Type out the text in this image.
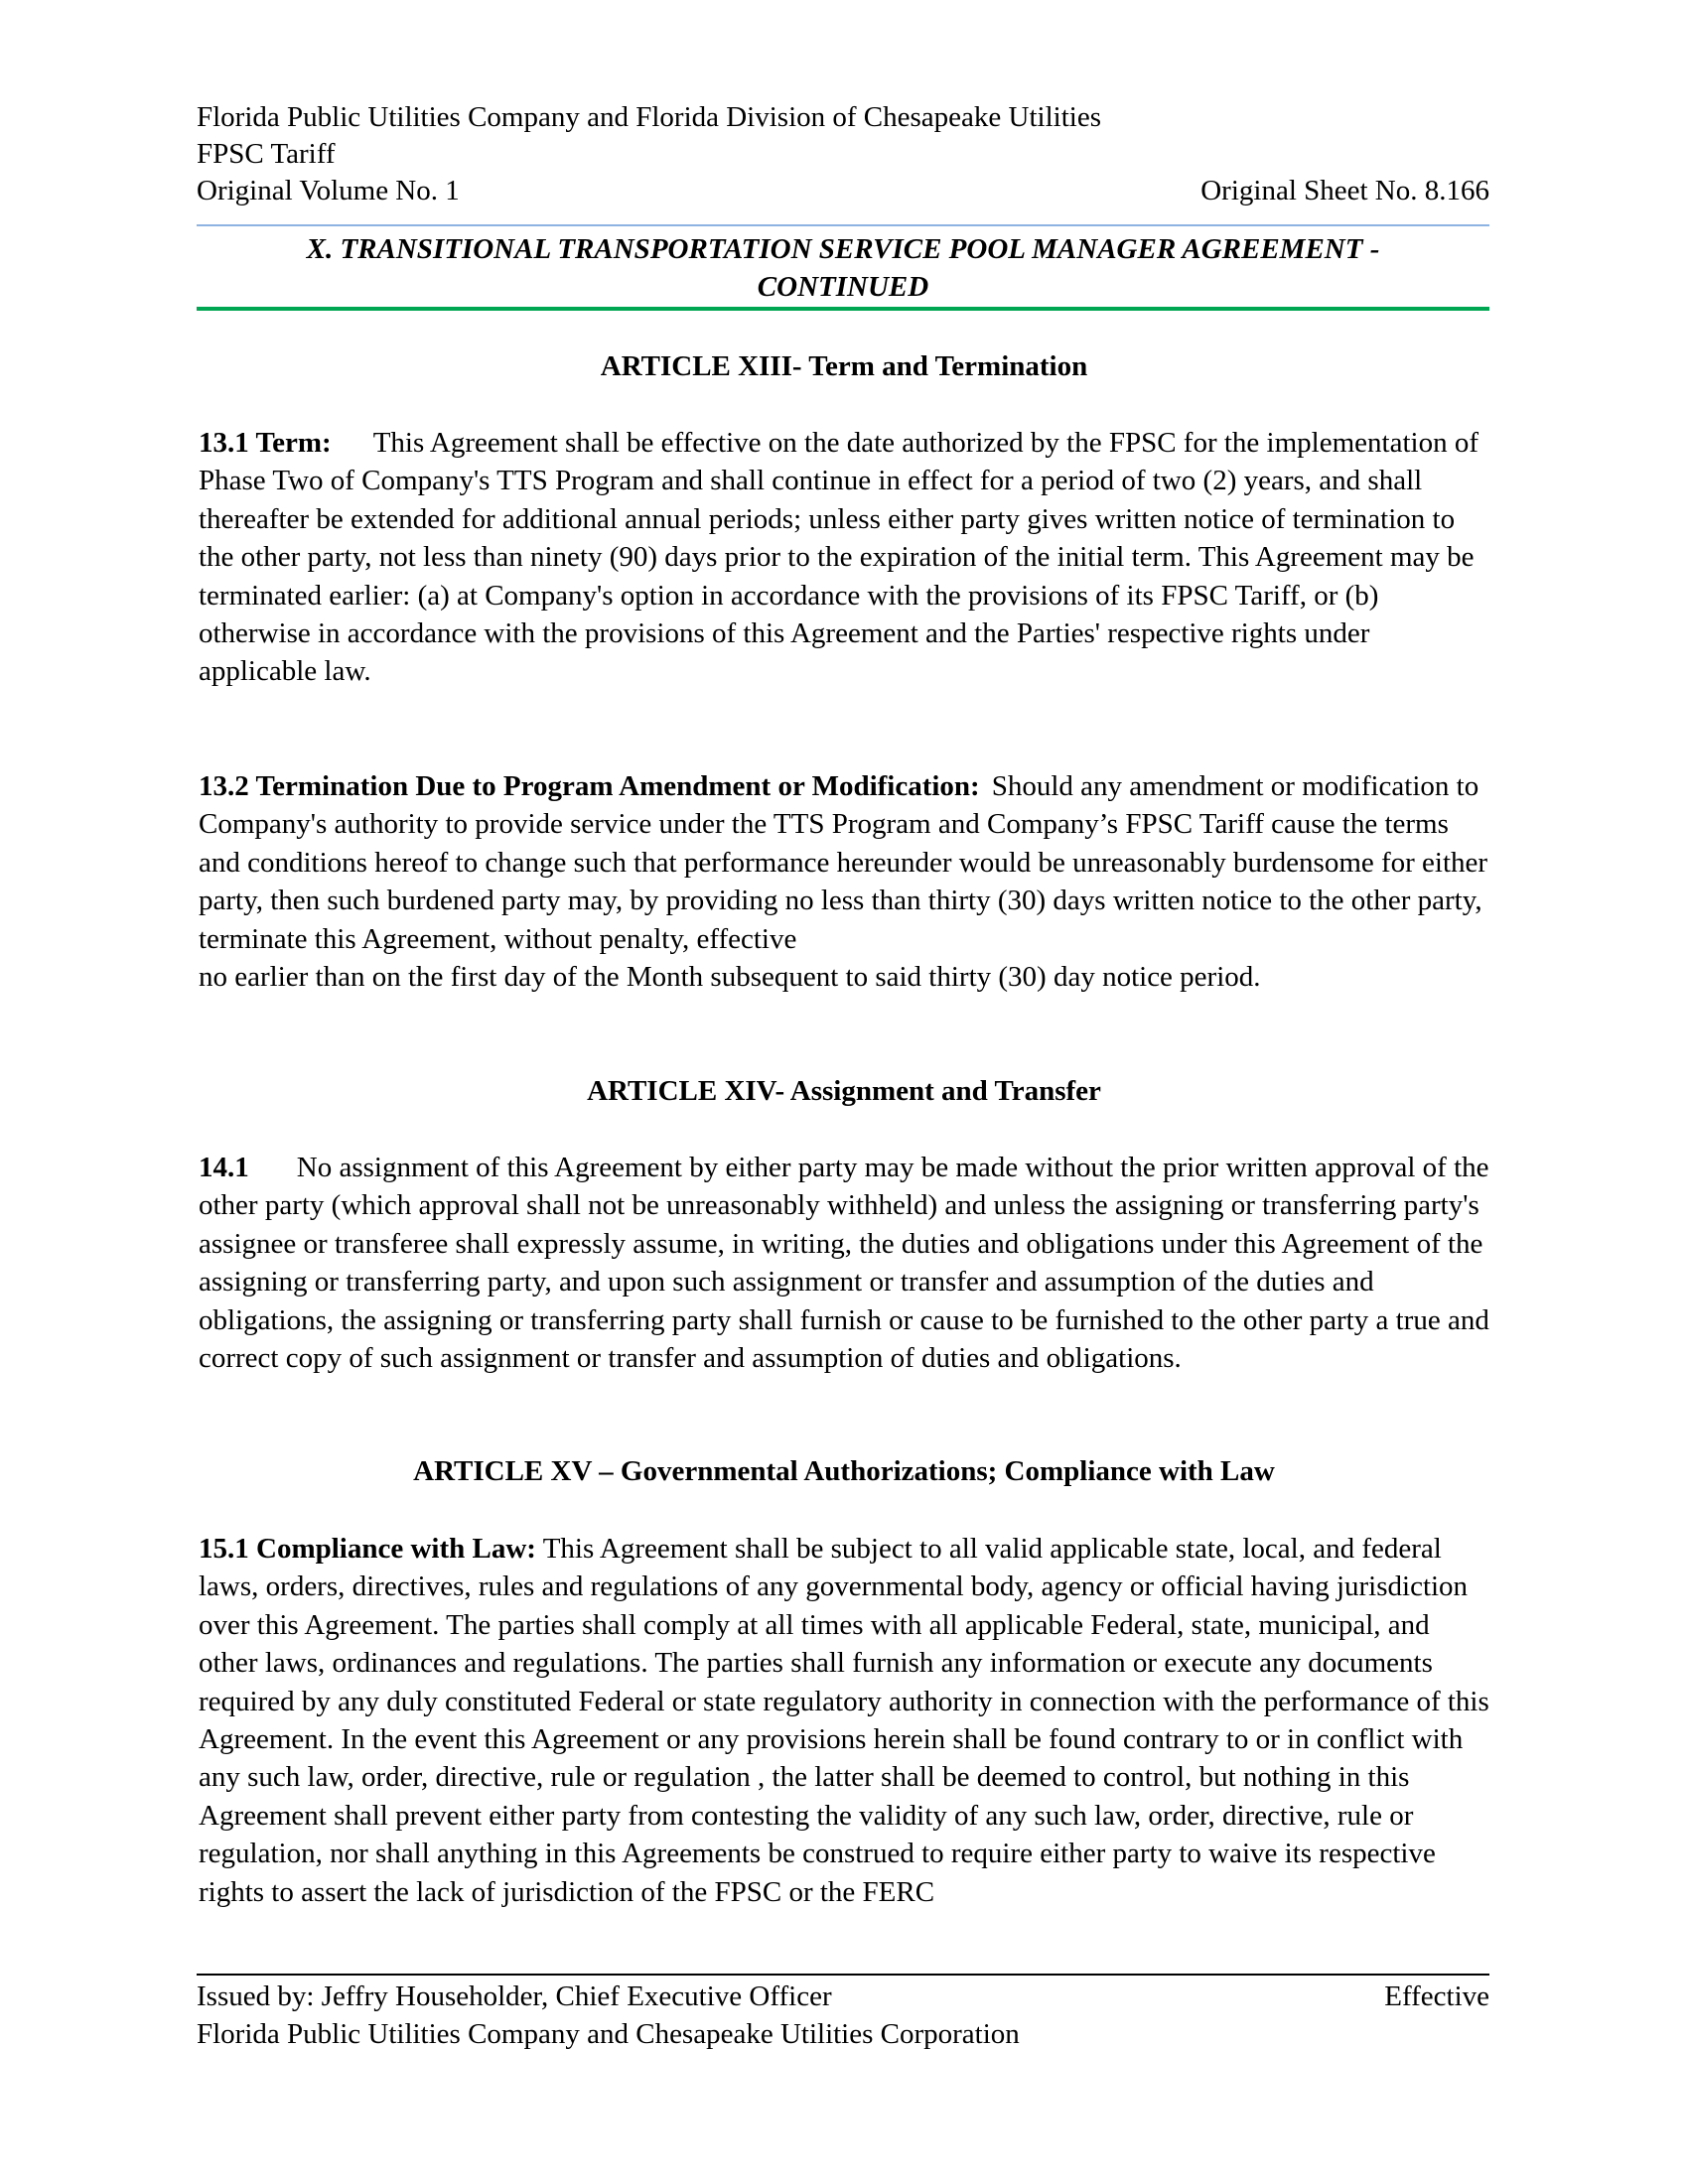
Florida Public Utilities Company and Florida Division of Chesapeake Utilities
FPSC Tariff
Original Volume No. 1	Original Sheet No. 8.166
X. TRANSITIONAL TRANSPORTATION SERVICE POOL MANAGER AGREEMENT -
CONTINUED

ARTICLE XIII- Term and Termination

13.1 Term: This Agreement shall be effective on the date authorized by the FPSC for the implementation of Phase Two of Company's TTS Program and shall continue in effect for a period of two (2) years, and shall thereafter be extended for additional annual periods; unless either party gives written notice of termination to the other party, not less than ninety (90) days prior to the expiration of the initial term. This Agreement may be terminated earlier: (a) at Company's option in accordance with the provisions of its FPSC Tariff, or (b) otherwise in accordance with the provisions of this Agreement and the Parties' respective rights under applicable law.

13.2 Termination Due to Program Amendment or Modification: Should any amendment or modification to Company's authority to provide service under the TTS Program and Company’s FPSC Tariff cause the terms and conditions hereof to change such that performance hereunder would be unreasonably burdensome for either party, then such burdened party may, by providing no less than thirty (30) days written notice to the other party, terminate this Agreement, without penalty, effective

no earlier than on the first day of the Month subsequent to said thirty (30) day notice period.

ARTICLE XIV- Assignment and Transfer

14.1 No assignment of this Agreement by either party may be made without the prior written approval of the other party (which approval shall not be unreasonably withheld) and unless the assigning or transferring party's assignee or transferee shall expressly assume, in writing, the duties and obligations under this Agreement of the assigning or transferring party, and upon such assignment or transfer and assumption of the duties and obligations, the assigning or transferring party shall furnish or cause to be furnished to the other party a true and correct copy of such assignment or transfer and assumption of duties and obligations.

ARTICLE XV – Governmental Authorizations; Compliance with Law

15.1 Compliance with Law: This Agreement shall be subject to all valid applicable state, local, and federal laws, orders, directives, rules and regulations of any governmental body, agency or official having jurisdiction over this Agreement. The parties shall comply at all times with all applicable Federal, state, municipal, and other laws, ordinances and regulations. The parties shall furnish any information or execute any documents required by any duly constituted Federal or state regulatory authority in connection with the performance of this Agreement. In the event this Agreement or any provisions herein shall be found contrary to or in conflict with any such law, order, directive, rule or regulation , the latter shall be deemed to control, but nothing in this Agreement shall prevent either party from contesting the validity of any such law, order, directive, rule or regulation, nor shall anything in this Agreements be construed to require either party to waive its respective rights to assert the lack of jurisdiction of the FPSC or the FERC

Issued by: Jeffry Householder, Chief Executive Officer	Effective
Florida Public Utilities Company and Chesapeake Utilities Corporation
